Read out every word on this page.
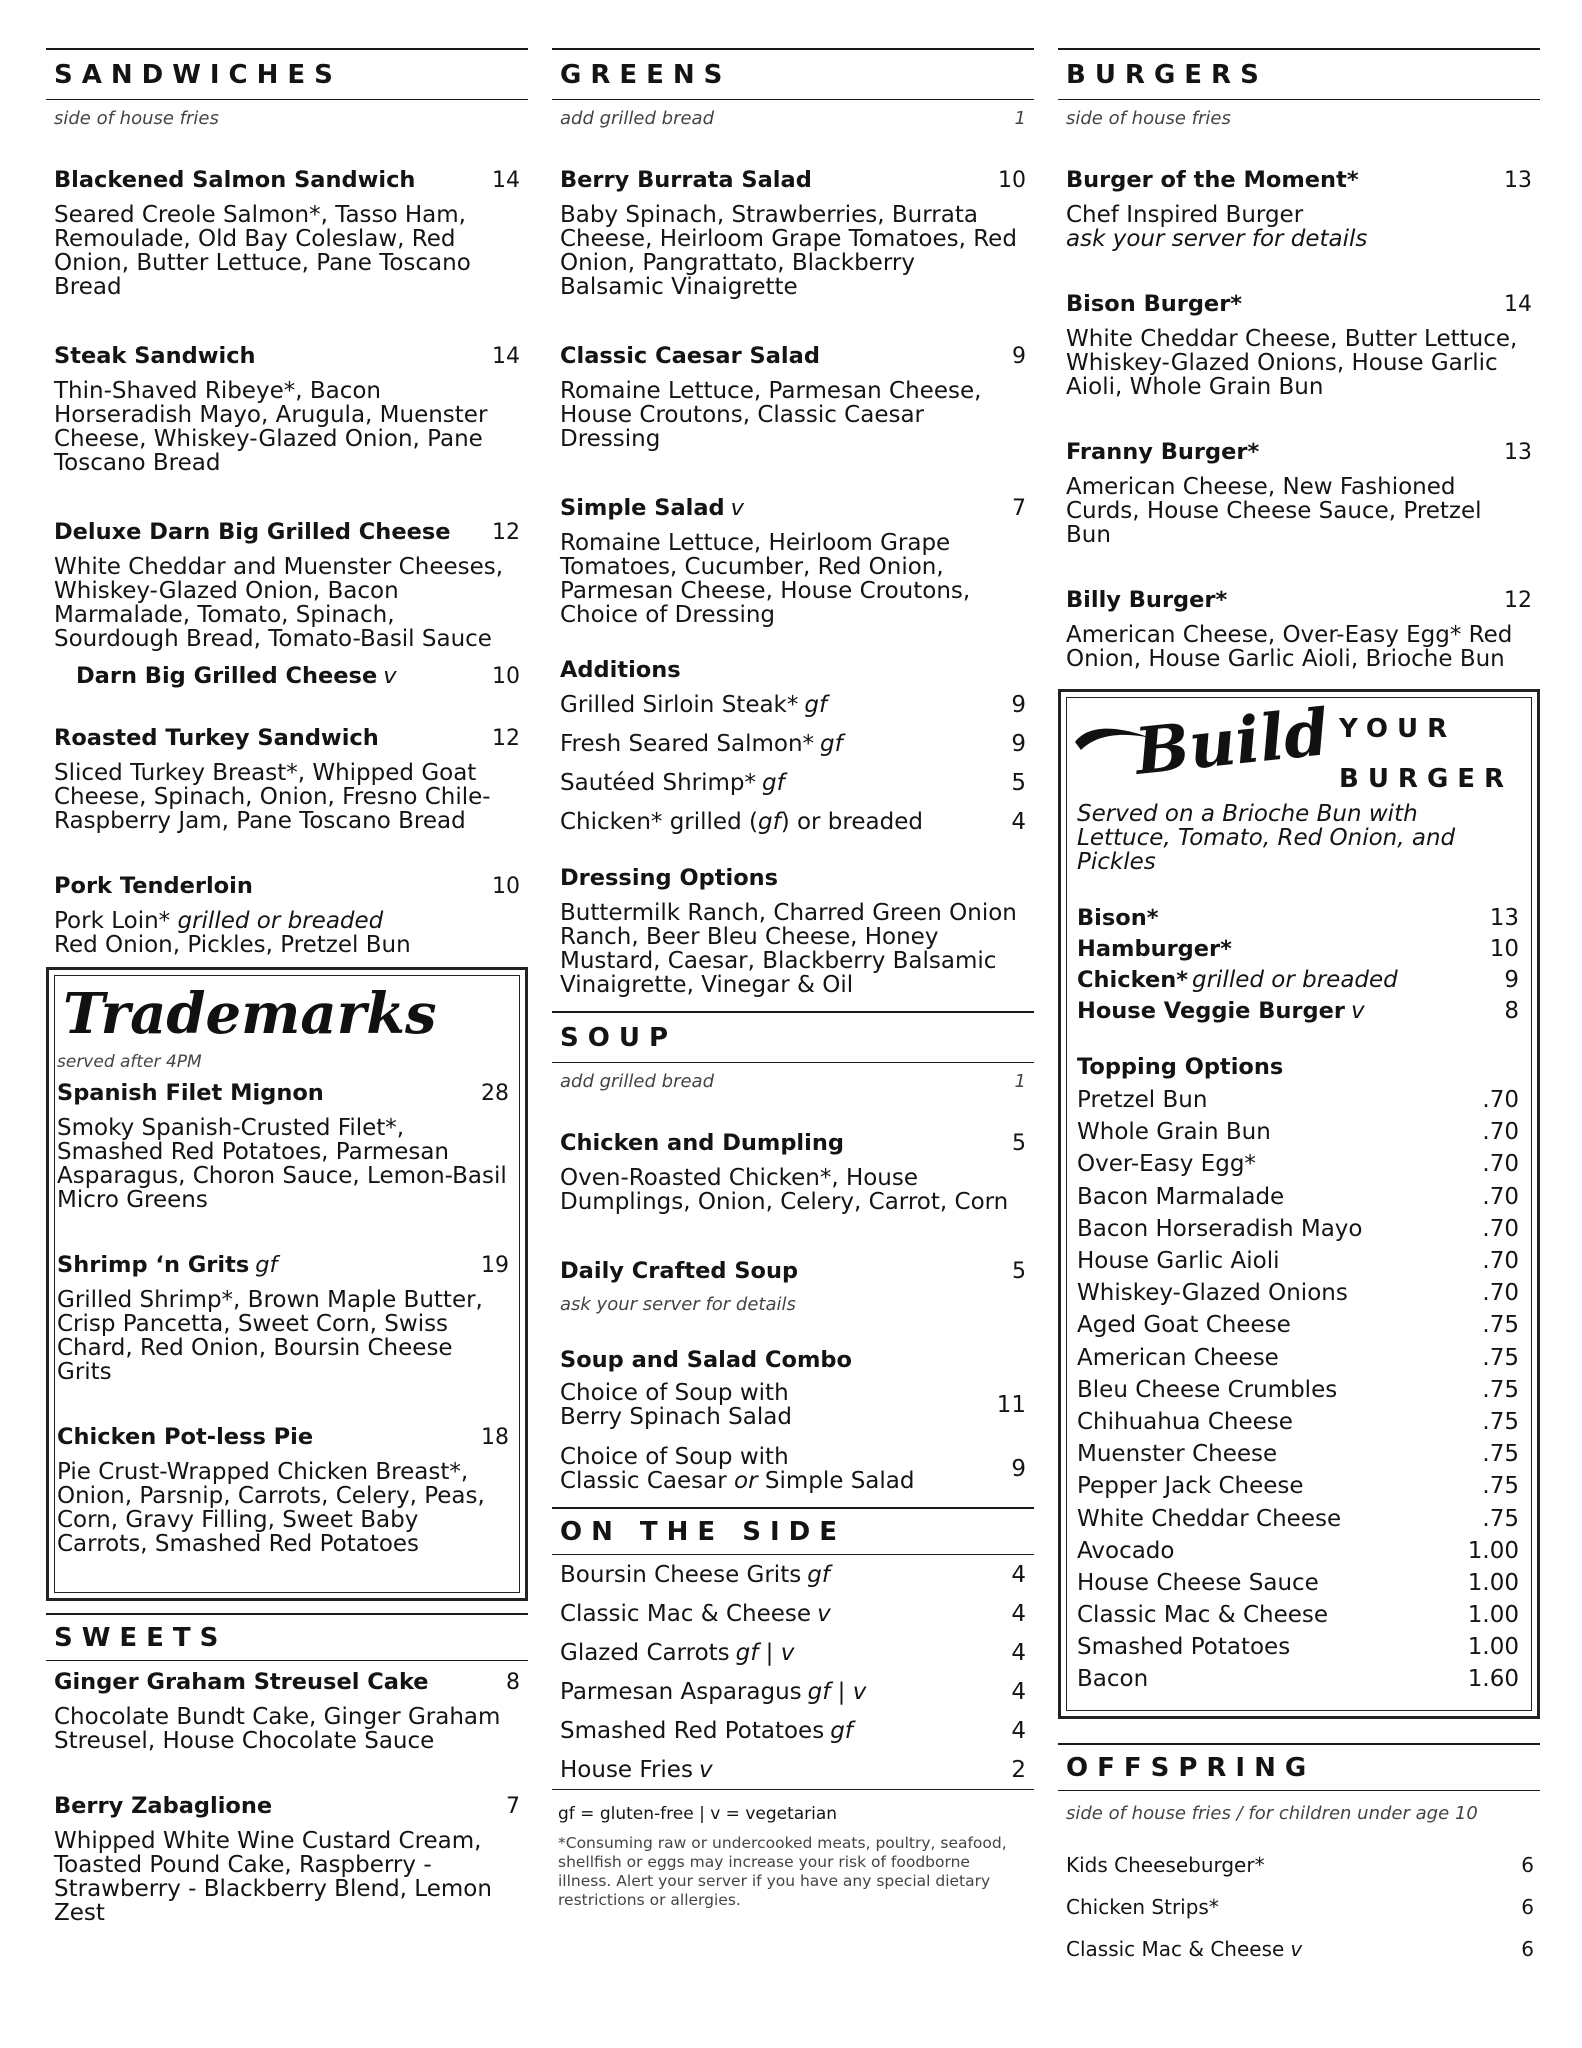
SANDWICHES
side of house fries
Blackened Salmon Sandwich	14
Seared Creole Salmon*, Tasso Ham, Remoulade, Old Bay Coleslaw, Red Onion, Butter Lettuce, Pane Toscano Bread
Steak Sandwich	14
Thin-Shaved Ribeye*, Bacon Horseradish Mayo, Arugula, Muenster Cheese, Whiskey-Glazed Onion, Pane Toscano Bread
Deluxe Darn Big Grilled Cheese 12
White Cheddar and Muenster Cheeses, Whiskey-Glazed Onion, Bacon Marmalade, Tomato, Spinach, Sourdough Bread, Tomato-Basil Sauce
Darn Big Grilled Cheese v	10
Roasted Turkey Sandwich	12
Sliced Turkey Breast*, Whipped Goat Cheese, Spinach, Onion, Fresno Chile-Raspberry Jam, Pane Toscano Bread
Pork Tenderloin	10
Pork Loin* grilled or breaded
Red Onion, Pickles, Pretzel Bun
Trademarks
served after 4PM
Spanish Filet Mignon	28
Smoky Spanish-Crusted Filet*, Smashed Red Potatoes, Parmesan Asparagus, Choron Sauce, Lemon-Basil Micro Greens
Shrimp ‘n Grits gf	19
Grilled Shrimp*, Brown Maple Butter, Crisp Pancetta, Sweet Corn, Swiss Chard, Red Onion, Boursin Cheese Grits
Chicken Pot-less Pie	18
Pie Crust-Wrapped Chicken Breast*, Onion, Parsnip, Carrots, Celery, Peas, Corn, Gravy Filling, Sweet Baby Carrots, Smashed Red Potatoes
SWEETS
Ginger Graham Streusel Cake	8
Chocolate Bundt Cake, Ginger Graham Streusel, House Chocolate Sauce
Berry Zabaglione	7
Whipped White Wine Custard Cream, Toasted Pound Cake, Raspberry - Strawberry - Blackberry Blend, Lemon Zest
GREENS
add grilled bread	1
Berry Burrata Salad	10
Baby Spinach, Strawberries, Burrata Cheese, Heirloom Grape Tomatoes, Red Onion, Pangrattato, Blackberry Balsamic Vinaigrette
Classic Caesar Salad	9
Romaine Lettuce, Parmesan Cheese, House Croutons, Classic Caesar Dressing
Simple Salad v	7
Romaine Lettuce, Heirloom Grape Tomatoes, Cucumber, Red Onion, Parmesan Cheese, House Croutons, Choice of Dressing
Additions
Grilled Sirloin Steak* gf	9
Fresh Seared Salmon* gf	9
Sautéed Shrimp* gf	5
Chicken* grilled (gf) or breaded	4
Dressing Options
Buttermilk Ranch, Charred Green Onion Ranch, Beer Bleu Cheese, Honey Mustard, Caesar, Blackberry Balsamic Vinaigrette, Vinegar & Oil
SOUP
add grilled bread	1
Chicken and Dumpling	5
Oven-Roasted Chicken*, House Dumplings, Onion, Celery, Carrot, Corn
Daily Crafted Soup	5
ask your server for details
Soup and Salad Combo
Choice of Soup with
Berry Spinach Salad	11
Choice of Soup with
Classic Caesar or Simple Salad	9
ON THE SIDE
Boursin Cheese Grits gf	4
Classic Mac & Cheese v	4
Glazed Carrots gf | v	4
Parmesan Asparagus gf | v	4
Smashed Red Potatoes gf	4
House Fries v	2
gf = gluten-free | v = vegetarian
*Consuming raw or undercooked meats, poultry, seafood, shellfish or eggs may increase your risk of foodborne illness. Alert your server if you have any special dietary restrictions or allergies.
BURGERS
side of house fries
Burger of the Moment*	13
Chef Inspired Burger
ask your server for details
Bison Burger*	14
White Cheddar Cheese, Butter Lettuce, Whiskey-Glazed Onions, House Garlic Aioli, Whole Grain Bun
Franny Burger*	13
American Cheese, New Fashioned Curds, House Cheese Sauce, Pretzel Bun
Billy Burger*	12
American Cheese, Over-Easy Egg* Red Onion, House Garlic Aioli, Brioche Bun
Build YOUR
BURGER
Served on a Brioche Bun with Lettuce, Tomato, Red Onion, and Pickles
Bison*	13
Hamburger*	10
Chicken* grilled or breaded	9
House Veggie Burger v	8
Topping Options
Pretzel Bun	.70
Whole Grain Bun	.70
Over-Easy Egg*	.70
Bacon Marmalade	.70
Bacon Horseradish Mayo	.70
House Garlic Aioli	.70
Whiskey-Glazed Onions	.70
Aged Goat Cheese	.75
American Cheese	.75
Bleu Cheese Crumbles	.75
Chihuahua Cheese	.75
Muenster Cheese	.75
Pepper Jack Cheese	.75
White Cheddar Cheese	.75
Avocado	1.00
House Cheese Sauce	1.00
Classic Mac & Cheese	1.00
Smashed Potatoes	1.00
Bacon	1.60
OFFSPRING
side of house fries / for children under age 10
Kids Cheeseburger*	6
Chicken Strips*	6
Classic Mac & Cheese v	6
